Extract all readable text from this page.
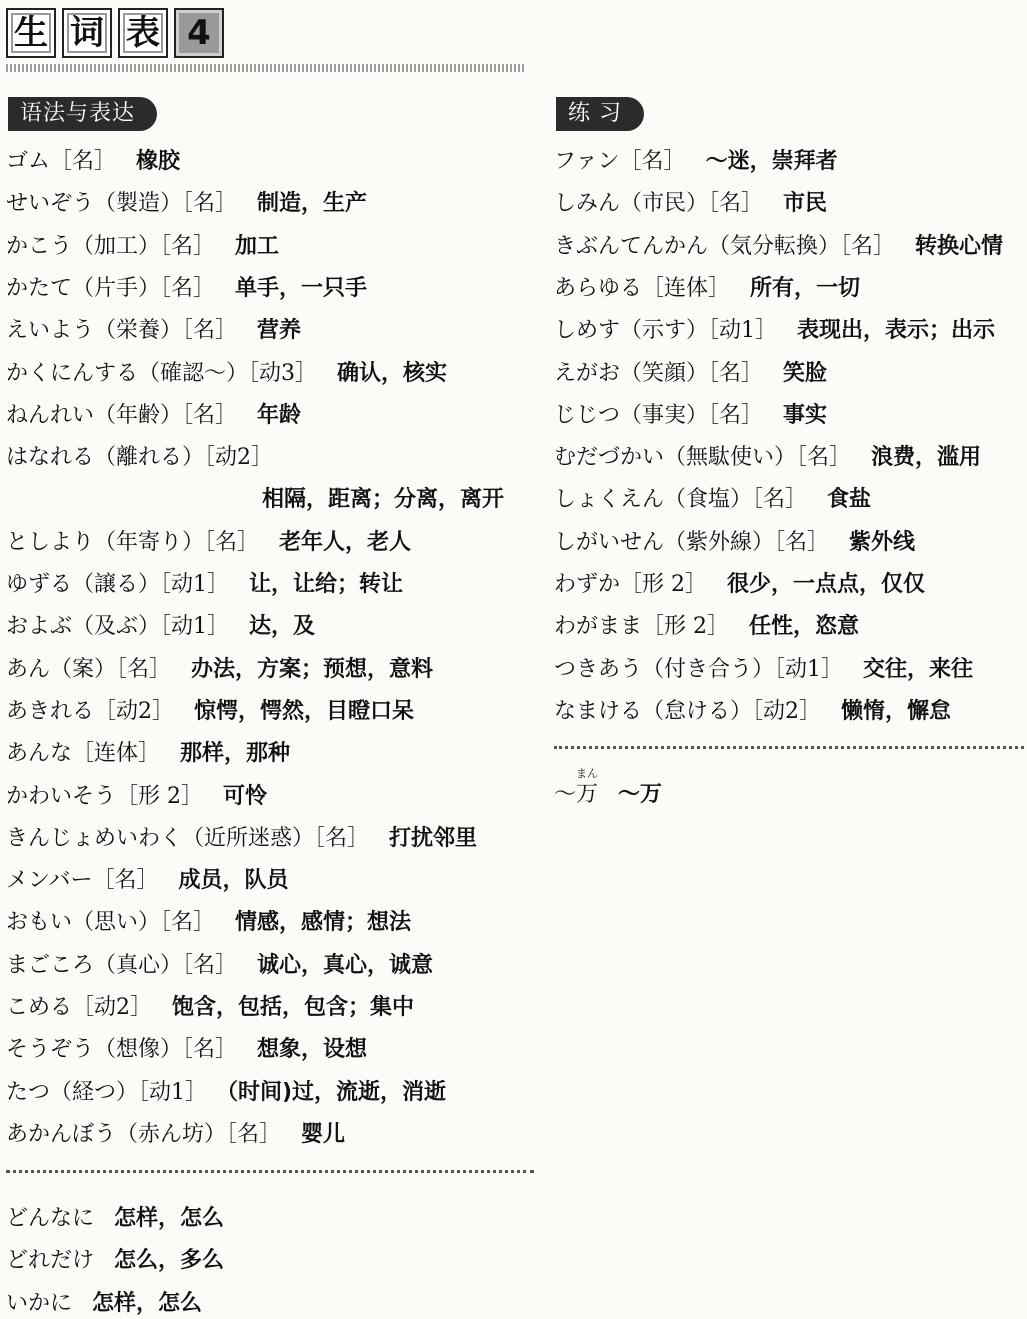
生 词 表 4
语法与表达	练 习
ゴム［名］ 橡胶
せいぞう（製造）［名］ 制造，生产
かこう（加工）［名］ 加工
かたて（片手）［名］ 单手，一只手
えいよう（栄養）［名］ 营养
かくにんする（確認～）［动3］ 确认，核实
ねんれい（年齢）［名］ 年龄
はなれる（離れる）［动2］
相隔，距离；分离，离开
としより（年寄り）［名］ 老年人，老人
ゆずる（譲る）［动1］ 让，让给；转让
およぶ（及ぶ）［动1］ 达，及
あん（案）［名］ 办法，方案；预想，意料
あきれる［动2］ 惊愕，愕然，目瞪口呆
あんな［连体］ 那样，那种
かわいそう［形 2］ 可怜
きんじょめいわく（近所迷惑）［名］ 打扰邻里
メンバー［名］ 成员，队员
おもい（思い）［名］ 情感，感情；想法
まごころ（真心）［名］ 诚心，真心，诚意
こめる［动2］ 饱含，包括，包含；集中
そうぞう（想像）［名］ 想象，设想
たつ（経つ）［动1］ （时间)过，流逝，消逝
あかんぼう（赤ん坊）［名］ 婴儿
どんなに 怎样，怎么
どれだけ 怎么，多么
いかに 怎样，怎么
ファン［名］ ～迷，崇拜者
しみん（市民）［名］ 市民
きぶんてんかん（気分転換）［名］ 转换心情
あらゆる［连体］ 所有，一切
しめす（示す）［动1］ 表现出，表示；出示
えがお（笑顔）［名］ 笑脸
じじつ（事実）［名］ 事实
むだづかい（無駄使い）［名］ 浪费，滥用
しょくえん（食塩）［名］ 食盐
しがいせん（紫外線）［名］ 紫外线
わずか［形 2］ 很少，一点点，仅仅
わがまま［形 2］ 任性，恣意
つきあう（付き合う）［动1］ 交往，来往
なまける（怠ける）［动2］ 懒惰，懈怠
～万 ～万
まん
